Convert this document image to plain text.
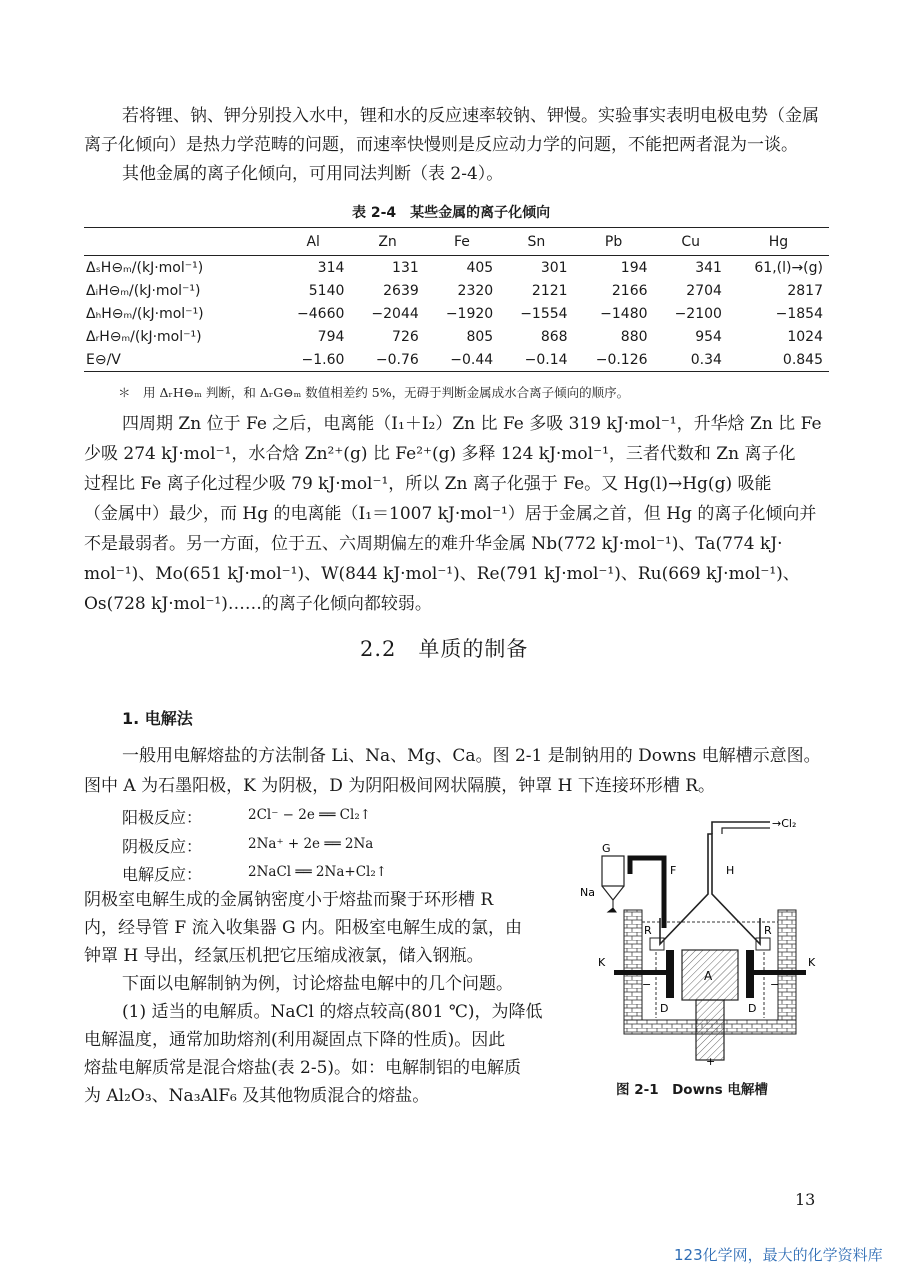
若将锂、钠、钾分别投入水中，锂和水的反应速率较钠、钾慢。实验事实表明电极电势（金属
离子化倾向）是热力学范畴的问题，而速率快慢则是反应动力学的问题，不能把两者混为一谈。
其他金属的离子化倾向，可用同法判断（表 2-4）。
表 2-4　某些金属的离子化倾向
	Al	Zn	Fe	Sn	Pb	Cu	Hg
ΔₛH⊖ₘ/(kJ·mol⁻¹)	314	131	405	301	194	341	61,(l)→(g)
ΔᵢH⊖ₘ/(kJ·mol⁻¹)	5140	2639	2320	2121	2166	2704	2817
ΔₕH⊖ₘ/(kJ·mol⁻¹)	−4660	−2044	−1920	−1554	−1480	−2100	−1854
ΔᵣH⊖ₘ/(kJ·mol⁻¹)	794	726	805	868	880	954	1024
E⊖/V	−1.60	−0.76	−0.44	−0.14	−0.126	0.34	0.845
＊　用 ΔᵣH⊖ₘ 判断，和 ΔᵣG⊖ₘ 数值相差约 5%，无碍于判断金属成水合离子倾向的顺序。
四周期 Zn 位于 Fe 之后，电离能（I₁＋I₂）Zn 比 Fe 多吸 319 kJ·mol⁻¹，升华焓 Zn 比 Fe
少吸 274 kJ·mol⁻¹，水合焓 Zn²⁺(g) 比 Fe²⁺(g) 多释 124 kJ·mol⁻¹，三者代数和 Zn 离子化
过程比 Fe 离子化过程少吸 79 kJ·mol⁻¹，所以 Zn 离子化强于 Fe。又 Hg(l)→Hg(g) 吸能
（金属中）最少，而 Hg 的电离能（I₁＝1007 kJ·mol⁻¹）居于金属之首，但 Hg 的离子化倾向并
不是最弱者。另一方面，位于五、六周期偏左的难升华金属 Nb(772 kJ·mol⁻¹)、Ta(774 kJ·
mol⁻¹)、Mo(651 kJ·mol⁻¹)、W(844 kJ·mol⁻¹)、Re(791 kJ·mol⁻¹)、Ru(669 kJ·mol⁻¹)、
Os(728 kJ·mol⁻¹)……的离子化倾向都较弱。
2.2　单质的制备
1. 电解法
一般用电解熔盐的方法制备 Li、Na、Mg、Ca。图 2-1 是制钠用的 Downs 电解槽示意图。
图中 A 为石墨阳极，K 为阴极，D 为阴阳极间网状隔膜，钟罩 H 下连接环形槽 R。
阳极反应：	2Cl⁻ − 2e ══ Cl₂↑
阴极反应：	2Na⁺ + 2e ══ 2Na
电解反应：	2NaCl ══ 2Na+Cl₂↑
阴极室电解生成的金属钠密度小于熔盐而聚于环形槽 R
内，经导管 F 流入收集器 G 内。阳极室电解生成的氯，由
钟罩 H 导出，经氯压机把它压缩成液氯，储入钢瓶。
下面以电解制钠为例，讨论熔盐电解中的几个问题。
(1) 适当的电解质。NaCl 的熔点较高(801 ℃)，为降低
电解温度，通常加助熔剂(利用凝固点下降的性质)。因此
熔盐电解质常是混合熔盐(表 2-5)。如：电解制铝的电解质
为 Al₂O₃、Na₃AlF₆ 及其他物质混合的熔盐。
G
→Cl₂
F	H
Na
R	R
K	K
A
D	D
−	−
+
图 2-1　Downs 电解槽
13
123化学网，最大的化学资料库
